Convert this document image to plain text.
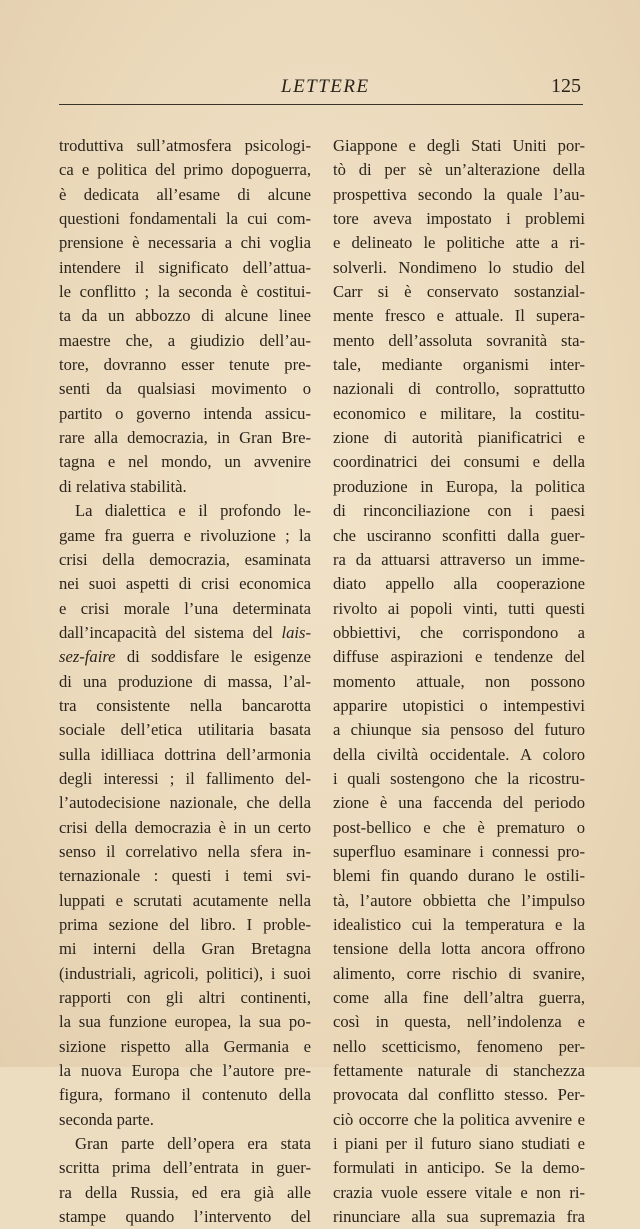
LETTERE	125
troduttiva sull’atmosfera psicologi-
ca e politica del primo dopoguerra,
è dedicata all’esame di alcune
questioni fondamentali la cui com-
prensione è necessaria a chi voglia
intendere il significato dell’attua-
le conflitto ; la seconda è costitui-
ta da un abbozzo di alcune linee
maestre che, a giudizio dell’au-
tore, dovranno esser tenute pre-
senti da qualsiasi movimento o
partito o governo intenda assicu-
rare alla democrazia, in Gran Bre-
tagna e nel mondo, un avvenire
di relativa stabilità.
La dialettica e il profondo le-
game fra guerra e rivoluzione ; la
crisi della democrazia, esaminata
nei suoi aspetti di crisi economica
e crisi morale l’una determinata
dall’incapacità del sistema del lais-
sez-faire di soddisfare le esigenze
di una produzione di massa, l’al-
tra consistente nella bancarotta
sociale dell’etica utilitaria basata
sulla idilliaca dottrina dell’armonia
degli interessi ; il fallimento del-
l’autodecisione nazionale, che della
crisi della democrazia è in un certo
senso il correlativo nella sfera in-
ternazionale : questi i temi svi-
luppati e scrutati acutamente nella
prima sezione del libro. I proble-
mi interni della Gran Bretagna
(industriali, agricoli, politici), i suoi
rapporti con gli altri continenti,
la sua funzione europea, la sua po-
sizione rispetto alla Germania e
la nuova Europa che l’autore pre-
figura, formano il contenuto della
seconda parte.
Gran parte dell’opera era stata
scritta prima dell’entrata in guer-
ra della Russia, ed era già alle
stampe quando l’intervento del
Giappone e degli Stati Uniti por-
tò di per sè un’alterazione della
prospettiva secondo la quale l’au-
tore aveva impostato i problemi
e delineato le politiche atte a ri-
solverli. Nondimeno lo studio del
Carr si è conservato sostanzial-
mente fresco e attuale. Il supera-
mento dell’assoluta sovranità sta-
tale, mediante organismi inter-
nazionali di controllo, soprattutto
economico e militare, la costitu-
zione di autorità pianificatrici e
coordinatrici dei consumi e della
produzione in Europa, la politica
di rinconciliazione con i paesi
che usciranno sconfitti dalla guer-
ra da attuarsi attraverso un imme-
diato appello alla cooperazione
rivolto ai popoli vinti, tutti questi
obbiettivi, che corrispondono a
diffuse aspirazioni e tendenze del
momento attuale, non possono
apparire utopistici o intempestivi
a chiunque sia pensoso del futuro
della civiltà occidentale. A coloro
i quali sostengono che la ricostru-
zione è una faccenda del periodo
post-bellico e che è prematuro o
superfluo esaminare i connessi pro-
blemi fin quando durano le ostili-
tà, l’autore obbietta che l’impulso
idealistico cui la temperatura e la
tensione della lotta ancora offrono
alimento, corre rischio di svanire,
come alla fine dell’altra guerra,
così in questa, nell’indolenza e
nello scetticismo, fenomeno per-
fettamente naturale di stanchezza
provocata dal conflitto stesso. Per-
ciò occorre che la politica avvenire e
i piani per il futuro siano studiati e
formulati in anticipo. Se la demo-
crazia vuole essere vitale e non ri-
rinunciare alla sua supremazia fra
